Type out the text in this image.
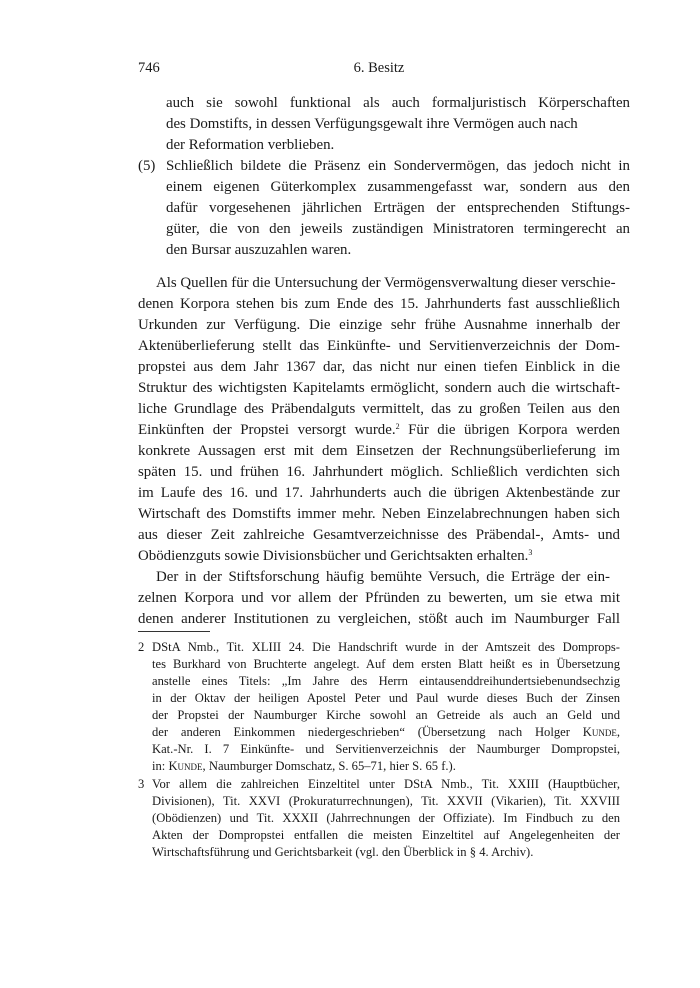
746	6. Besitz
auch sie sowohl funktional als auch formaljuristisch Körperschaften
des Domstifts, in dessen Verfügungsgewalt ihre Vermögen auch nach
der Reformation verblieben.
(5) Schließlich bildete die Präsenz ein Sondervermögen, das jedoch nicht in
einem eigenen Güterkomplex zusammengefasst war, sondern aus den
dafür vorgesehenen jährlichen Erträgen der entsprechenden Stiftungs-
güter, die von den jeweils zuständigen Ministratoren termingerecht an
den Bursar auszuzahlen waren.
Als Quellen für die Untersuchung der Vermögensverwaltung dieser verschie-
denen Korpora stehen bis zum Ende des 15. Jahrhunderts fast ausschließlich
Urkunden zur Verfügung. Die einzige sehr frühe Ausnahme innerhalb der
Aktenüberlieferung stellt das Einkünfte- und Servitienverzeichnis der Dom-
propstei aus dem Jahr 1367 dar, das nicht nur einen tiefen Einblick in die
Struktur des wichtigsten Kapitelamts ermöglicht, sondern auch die wirtschaft-
liche Grundlage des Präbendalguts vermittelt, das zu großen Teilen aus den
Einkünften der Propstei versorgt wurde.$^2$ Für die übrigen Korpora werden
konkrete Aussagen erst mit dem Einsetzen der Rechnungsüberlieferung im
späten 15. und frühen 16. Jahrhundert möglich. Schließlich verdichten sich
im Laufe des 16. und 17. Jahrhunderts auch die übrigen Aktenbestände zur
Wirtschaft des Domstifts immer mehr. Neben Einzelabrechnungen haben sich
aus dieser Zeit zahlreiche Gesamtverzeichnisse des Präbendal-, Amts- und
Obödienzguts sowie Divisionsbücher und Gerichtsakten erhalten.$^3$
Der in der Stiftsforschung häufig bemühte Versuch, die Erträge der ein-
zelnen Korpora und vor allem der Pfründen zu bewerten, um sie etwa mit
denen anderer Institutionen zu vergleichen, stößt auch im Naumburger Fall
2 DStA Nmb., Tit. XLIII 24. Die Handschrift wurde in der Amtszeit des Domprops-
tes Burkhard von Bruchterte angelegt. Auf dem ersten Blatt heißt es in Übersetzung
anstelle eines Titels: „Im Jahre des Herrn eintausenddreihundertsiebenundsechzig
in der Oktav der heiligen Apostel Peter und Paul wurde dieses Buch der Zinsen
der Propstei der Naumburger Kirche sowohl an Getreide als auch an Geld und
der anderen Einkommen niedergeschrieben“ (Übersetzung nach Holger Kunde,
Kat.-Nr. I. 7 Einkünfte- und Servitienverzeichnis der Naumburger Dompropstei,
in: Kunde, Naumburger Domschatz, S. 65–71, hier S. 65 f.).
3 Vor allem die zahlreichen Einzeltitel unter DStA Nmb., Tit. XXIII (Hauptbücher,
Divisionen), Tit. XXVI (Prokuraturrechnungen), Tit. XXVII (Vikarien), Tit. XXVIII
(Obödienzen) und Tit. XXXII (Jahrrechnungen der Offiziate). Im Findbuch zu den
Akten der Dompropstei entfallen die meisten Einzeltitel auf Angelegenheiten der
Wirtschaftsführung und Gerichtsbarkeit (vgl. den Überblick in § 4. Archiv).
